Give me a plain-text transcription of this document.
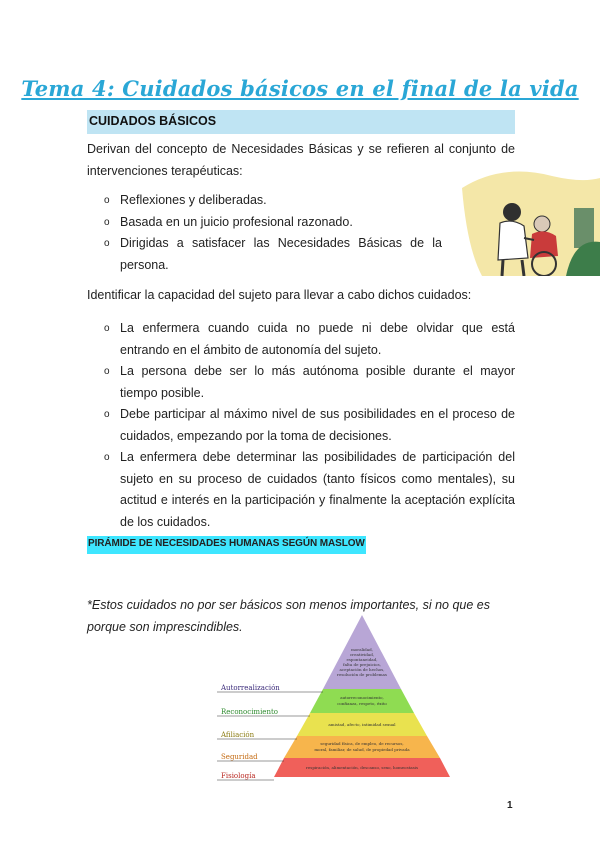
Tema 4: Cuidados básicos en el final de la vida
CUIDADOS BÁSICOS
Derivan del concepto de Necesidades Básicas y se refieren al conjunto de intervenciones terapéuticas:
o Reflexiones y deliberadas.
o Basada en un juicio profesional razonado.
o Dirigidas a satisfacer las Necesidades Básicas de la persona.
Identificar la capacidad del sujeto para llevar a cabo dichos cuidados:
o La enfermera cuando cuida no puede ni debe olvidar que está entrando en el ámbito de autonomía del sujeto.
o La persona debe ser lo más autónoma posible durante el mayor tiempo posible.
o Debe participar al máximo nivel de sus posibilidades en el proceso de cuidados, empezando por la toma de decisiones.
o La enfermera debe determinar las posibilidades de participación del sujeto en su proceso de cuidados (tanto físicos como mentales), su actitud e interés en la participación y finalmente la aceptación explícita de los cuidados.
PIRÁMIDE DE NECESIDADES HUMANAS SEGÚN MASLOW
*Estos cuidados no por ser básicos son menos importantes, si no que es porque son imprescindibles.
Autorrealización
Reconocimiento
Afiliación
Seguridad
Fisiología
moralidad,
creatividad,
espontaneidad,
falta de prejuicios,
aceptación de hechos,
resolución de problemas
autorreconocimiento,
confianza, respeto, éxito
amistad, afecto, intimidad sexual
seguridad física, de empleo, de recursos,
moral, familiar, de salud, de propiedad privada
respiración, alimentación, descanso, sexo, homeostasis
1
